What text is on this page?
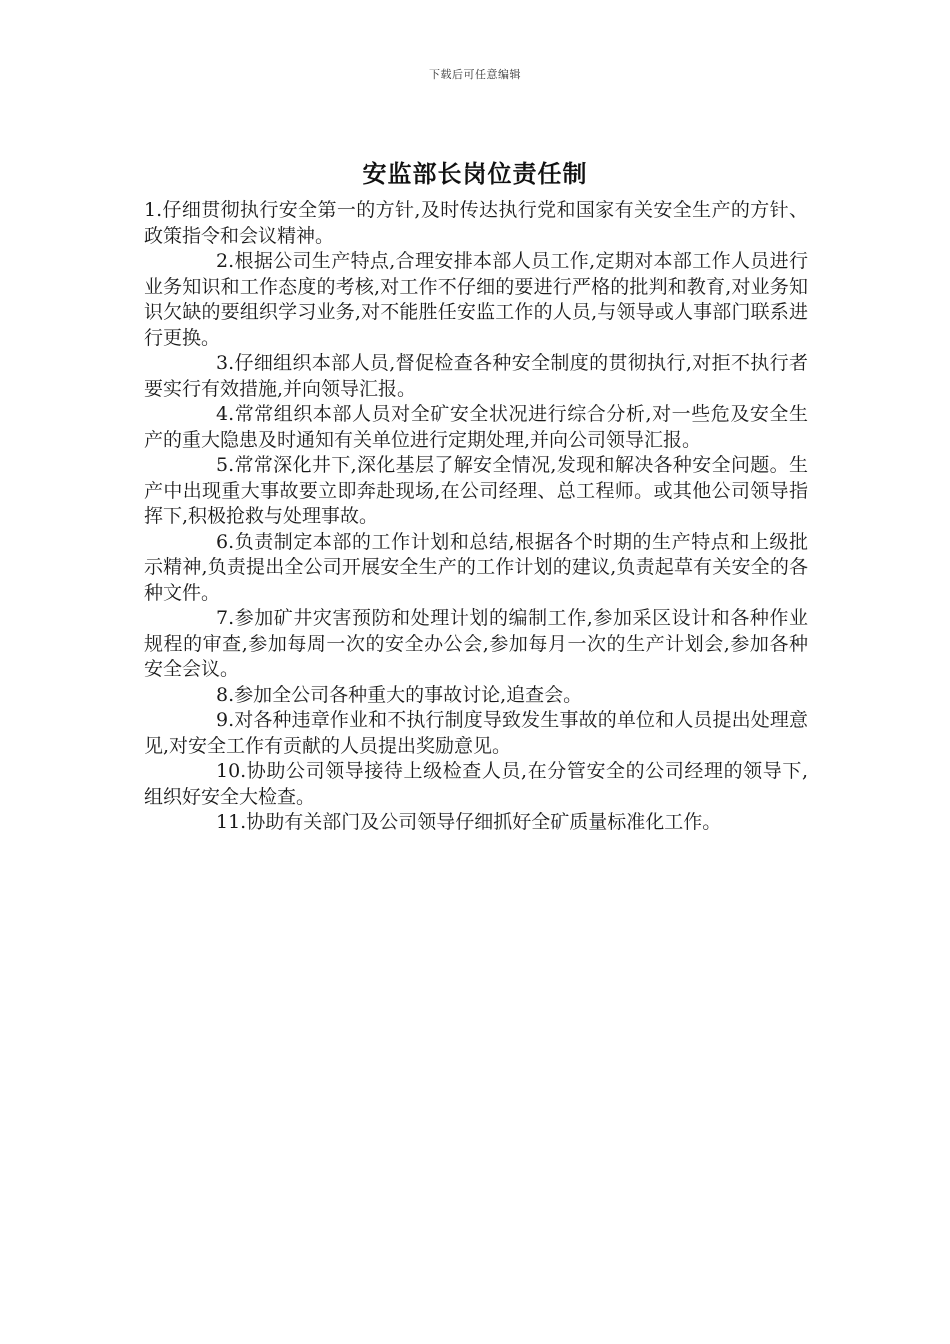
下载后可任意编辑
安监部长岗位责任制

1.仔细贯彻执行安全第一的方针,及时传达执行党和国家有关安全生产的方针、政策指令和会议精神。

2.根据公司生产特点,合理安排本部人员工作,定期对本部工作人员进行业务知识和工作态度的考核,对工作不仔细的要进行严格的批判和教育,对业务知识欠缺的要组织学习业务,对不能胜任安监工作的人员,与领导或人事部门联系进行更换。

3.仔细组织本部人员,督促检查各种安全制度的贯彻执行,对拒不执行者要实行有效措施,并向领导汇报。

4.常常组织本部人员对全矿安全状况进行综合分析,对一些危及安全生产的重大隐患及时通知有关单位进行定期处理,并向公司领导汇报。

5.常常深化井下,深化基层了解安全情况,发现和解决各种安全问题。生产中出现重大事故要立即奔赴现场,在公司经理、总工程师。或其他公司领导指挥下,积极抢救与处理事故。

6.负责制定本部的工作计划和总结,根据各个时期的生产特点和上级批示精神,负责提出全公司开展安全生产的工作计划的建议,负责起草有关安全的各种文件。

7.参加矿井灾害预防和处理计划的编制工作,参加采区设计和各种作业规程的审查,参加每周一次的安全办公会,参加每月一次的生产计划会,参加各种安全会议。

8.参加全公司各种重大的事故讨论,追查会。

9.对各种违章作业和不执行制度导致发生事故的单位和人员提出处理意见,对安全工作有贡献的人员提出奖励意见。

10.协助公司领导接待上级检查人员,在分管安全的公司经理的领导下,组织好安全大检查。

11.协助有关部门及公司领导仔细抓好全矿质量标准化工作。
